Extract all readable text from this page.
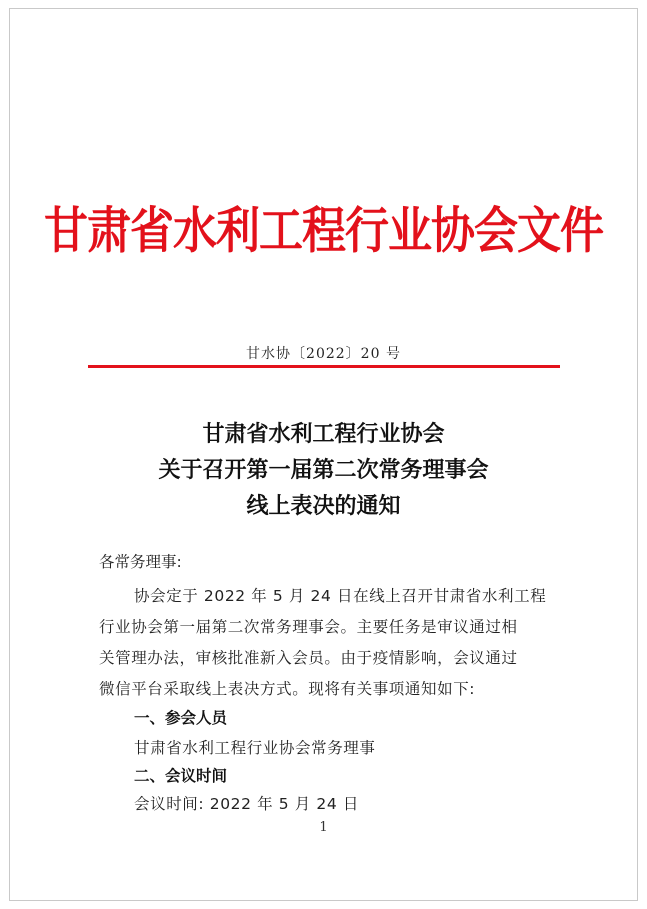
甘肃省水利工程行业协会文件
甘水协〔2022〕20 号
甘肃省水利工程行业协会
关于召开第一届第二次常务理事会
线上表决的通知
各常务理事:
协会定于 2022 年 5 月 24 日在线上召开甘肃省水利工程
行业协会第一届第二次常务理事会。主要任务是审议通过相
关管理办法，审核批准新入会员。由于疫情影响，会议通过
微信平台采取线上表决方式。现将有关事项通知如下:
一、参会人员
甘肃省水利工程行业协会常务理事
二、会议时间
会议时间: 2022 年 5 月 24 日
1
